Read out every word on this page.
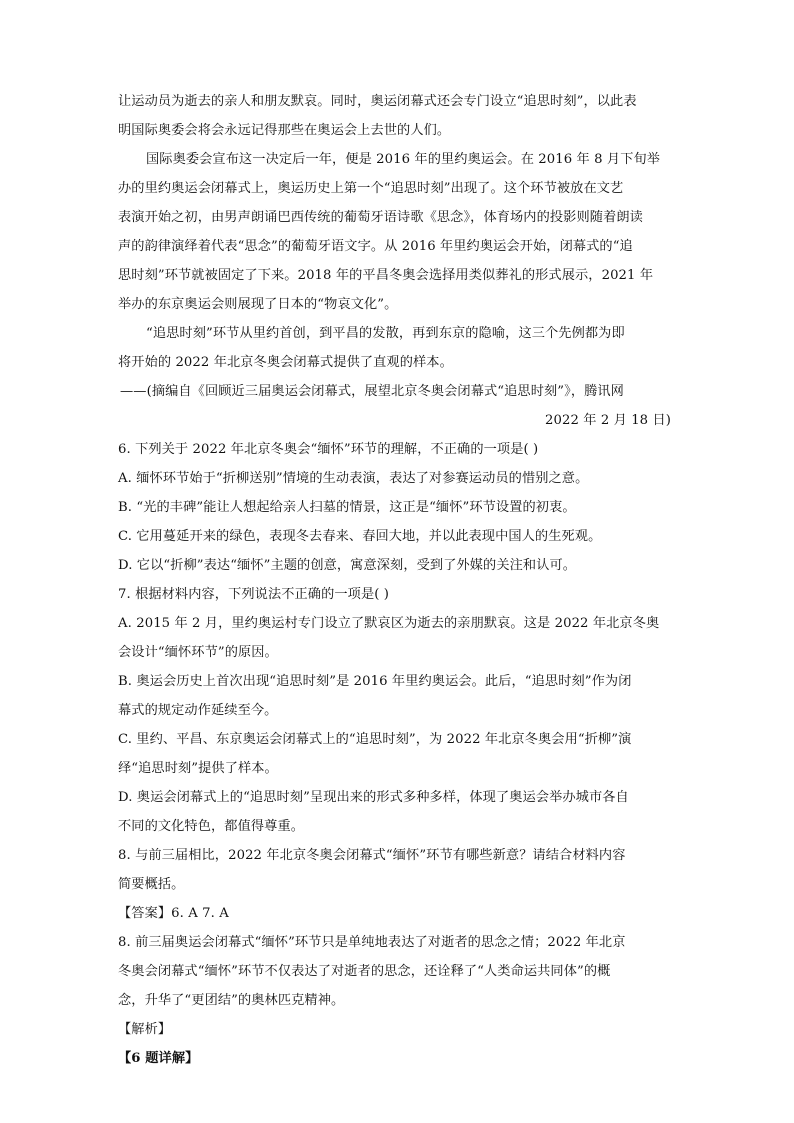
让运动员为逝去的亲人和朋友默哀。同时，奥运闭幕式还会专门设立“追思时刻”，以此表
明国际奥委会将会永远记得那些在奥运会上去世的人们。
国际奥委会宣布这一决定后一年，便是 2016 年的里约奥运会。在 2016 年 8 月下旬举
办的里约奥运会闭幕式上，奥运历史上第一个“追思时刻”出现了。这个环节被放在文艺
表演开始之初，由男声朗诵巴西传统的葡萄牙语诗歌《思念》，体育场内的投影则随着朗读
声的韵律演绎着代表“思念”的葡萄牙语文字。从 2016 年里约奥运会开始，闭幕式的“追
思时刻”环节就被固定了下来。2018 年的平昌冬奥会选择用类似葬礼的形式展示，2021 年
举办的东京奥运会则展现了日本的“物哀文化”。
“追思时刻”环节从里约首创，到平昌的发散，再到东京的隐喻，这三个先例都为即
将开始的 2022 年北京冬奥会闭幕式提供了直观的样本。
——(摘编自《回顾近三届奥运会闭幕式，展望北京冬奥会闭幕式“追思时刻”》，腾讯网
2022 年 2 月 18 日)
6. 下列关于 2022 年北京冬奥会“缅怀”环节的理解，不正确的一项是( )
A. 缅怀环节始于“折柳送别”情境的生动表演，表达了对参赛运动员的惜别之意。
B. “光的丰碑”能让人想起给亲人扫墓的情景，这正是“缅怀”环节设置的初衷。
C. 它用蔓延开来的绿色，表现冬去春来、春回大地，并以此表现中国人的生死观。
D. 它以“折柳”表达“缅怀”主题的创意，寓意深刻，受到了外媒的关注和认可。
7. 根据材料内容，下列说法不正确的一项是( )
A. 2015 年 2 月，里约奥运村专门设立了默哀区为逝去的亲朋默哀。这是 2022 年北京冬奥
会设计“缅怀环节”的原因。
B. 奥运会历史上首次出现“追思时刻”是 2016 年里约奥运会。此后，“追思时刻”作为闭
幕式的规定动作延续至今。
C. 里约、平昌、东京奥运会闭幕式上的“追思时刻”，为 2022 年北京冬奥会用“折柳”演
绎“追思时刻”提供了样本。
D. 奥运会闭幕式上的“追思时刻”呈现出来的形式多种多样，体现了奥运会举办城市各自
不同的文化特色，都值得尊重。
8. 与前三届相比，2022 年北京冬奥会闭幕式“缅怀”环节有哪些新意？请结合材料内容
简要概括。
【答案】6. A 7. A
8. 前三届奥运会闭幕式“缅怀”环节只是单纯地表达了对逝者的思念之情；2022 年北京
冬奥会闭幕式“缅怀”环节不仅表达了对逝者的思念，还诠释了“人类命运共同体”的概
念，升华了“更团结”的奥林匹克精神。
【解析】
【6 题详解】
